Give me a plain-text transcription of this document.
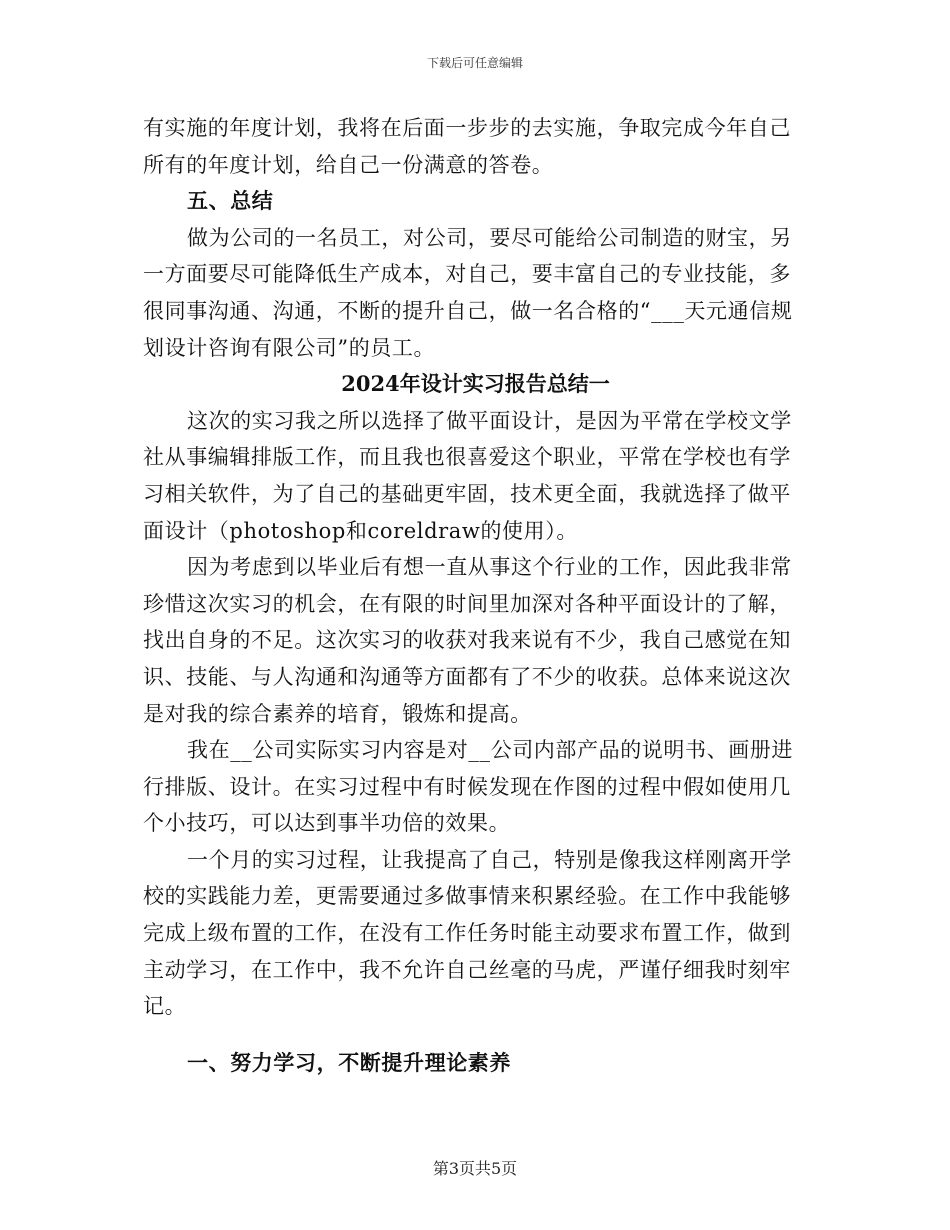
下载后可任意编辑
有实施的年度计划，我将在后面一步步的去实施，争取完成今年自己
所有的年度计划，给自己一份满意的答卷。
五、总结
做为公司的一名员工，对公司，要尽可能给公司制造的财宝，另
一方面要尽可能降低生产成本，对自己，要丰富自己的专业技能，多
很同事沟通、沟通，不断的提升自己，做一名合格的“___天元通信规
划设计咨询有限公司”的员工。
2024年设计实习报告总结一
这次的实习我之所以选择了做平面设计，是因为平常在学校文学
社从事编辑排版工作，而且我也很喜爱这个职业，平常在学校也有学
习相关软件，为了自己的基础更牢固，技术更全面，我就选择了做平
面设计（photoshop和coreldraw的使用）。
因为考虑到以毕业后有想一直从事这个行业的工作，因此我非常
珍惜这次实习的机会，在有限的时间里加深对各种平面设计的了解，
找出自身的不足。这次实习的收获对我来说有不少，我自己感觉在知
识、技能、与人沟通和沟通等方面都有了不少的收获。总体来说这次
是对我的综合素养的培育，锻炼和提高。
我在__公司实际实习内容是对__公司内部产品的说明书、画册进
行排版、设计。在实习过程中有时候发现在作图的过程中假如使用几
个小技巧，可以达到事半功倍的效果。
一个月的实习过程，让我提高了自己，特别是像我这样刚离开学
校的实践能力差，更需要通过多做事情来积累经验。在工作中我能够
完成上级布置的工作，在没有工作任务时能主动要求布置工作，做到
主动学习，在工作中，我不允许自己丝毫的马虎，严谨仔细我时刻牢
记。
一、努力学习，不断提升理论素养
第3页共5页
